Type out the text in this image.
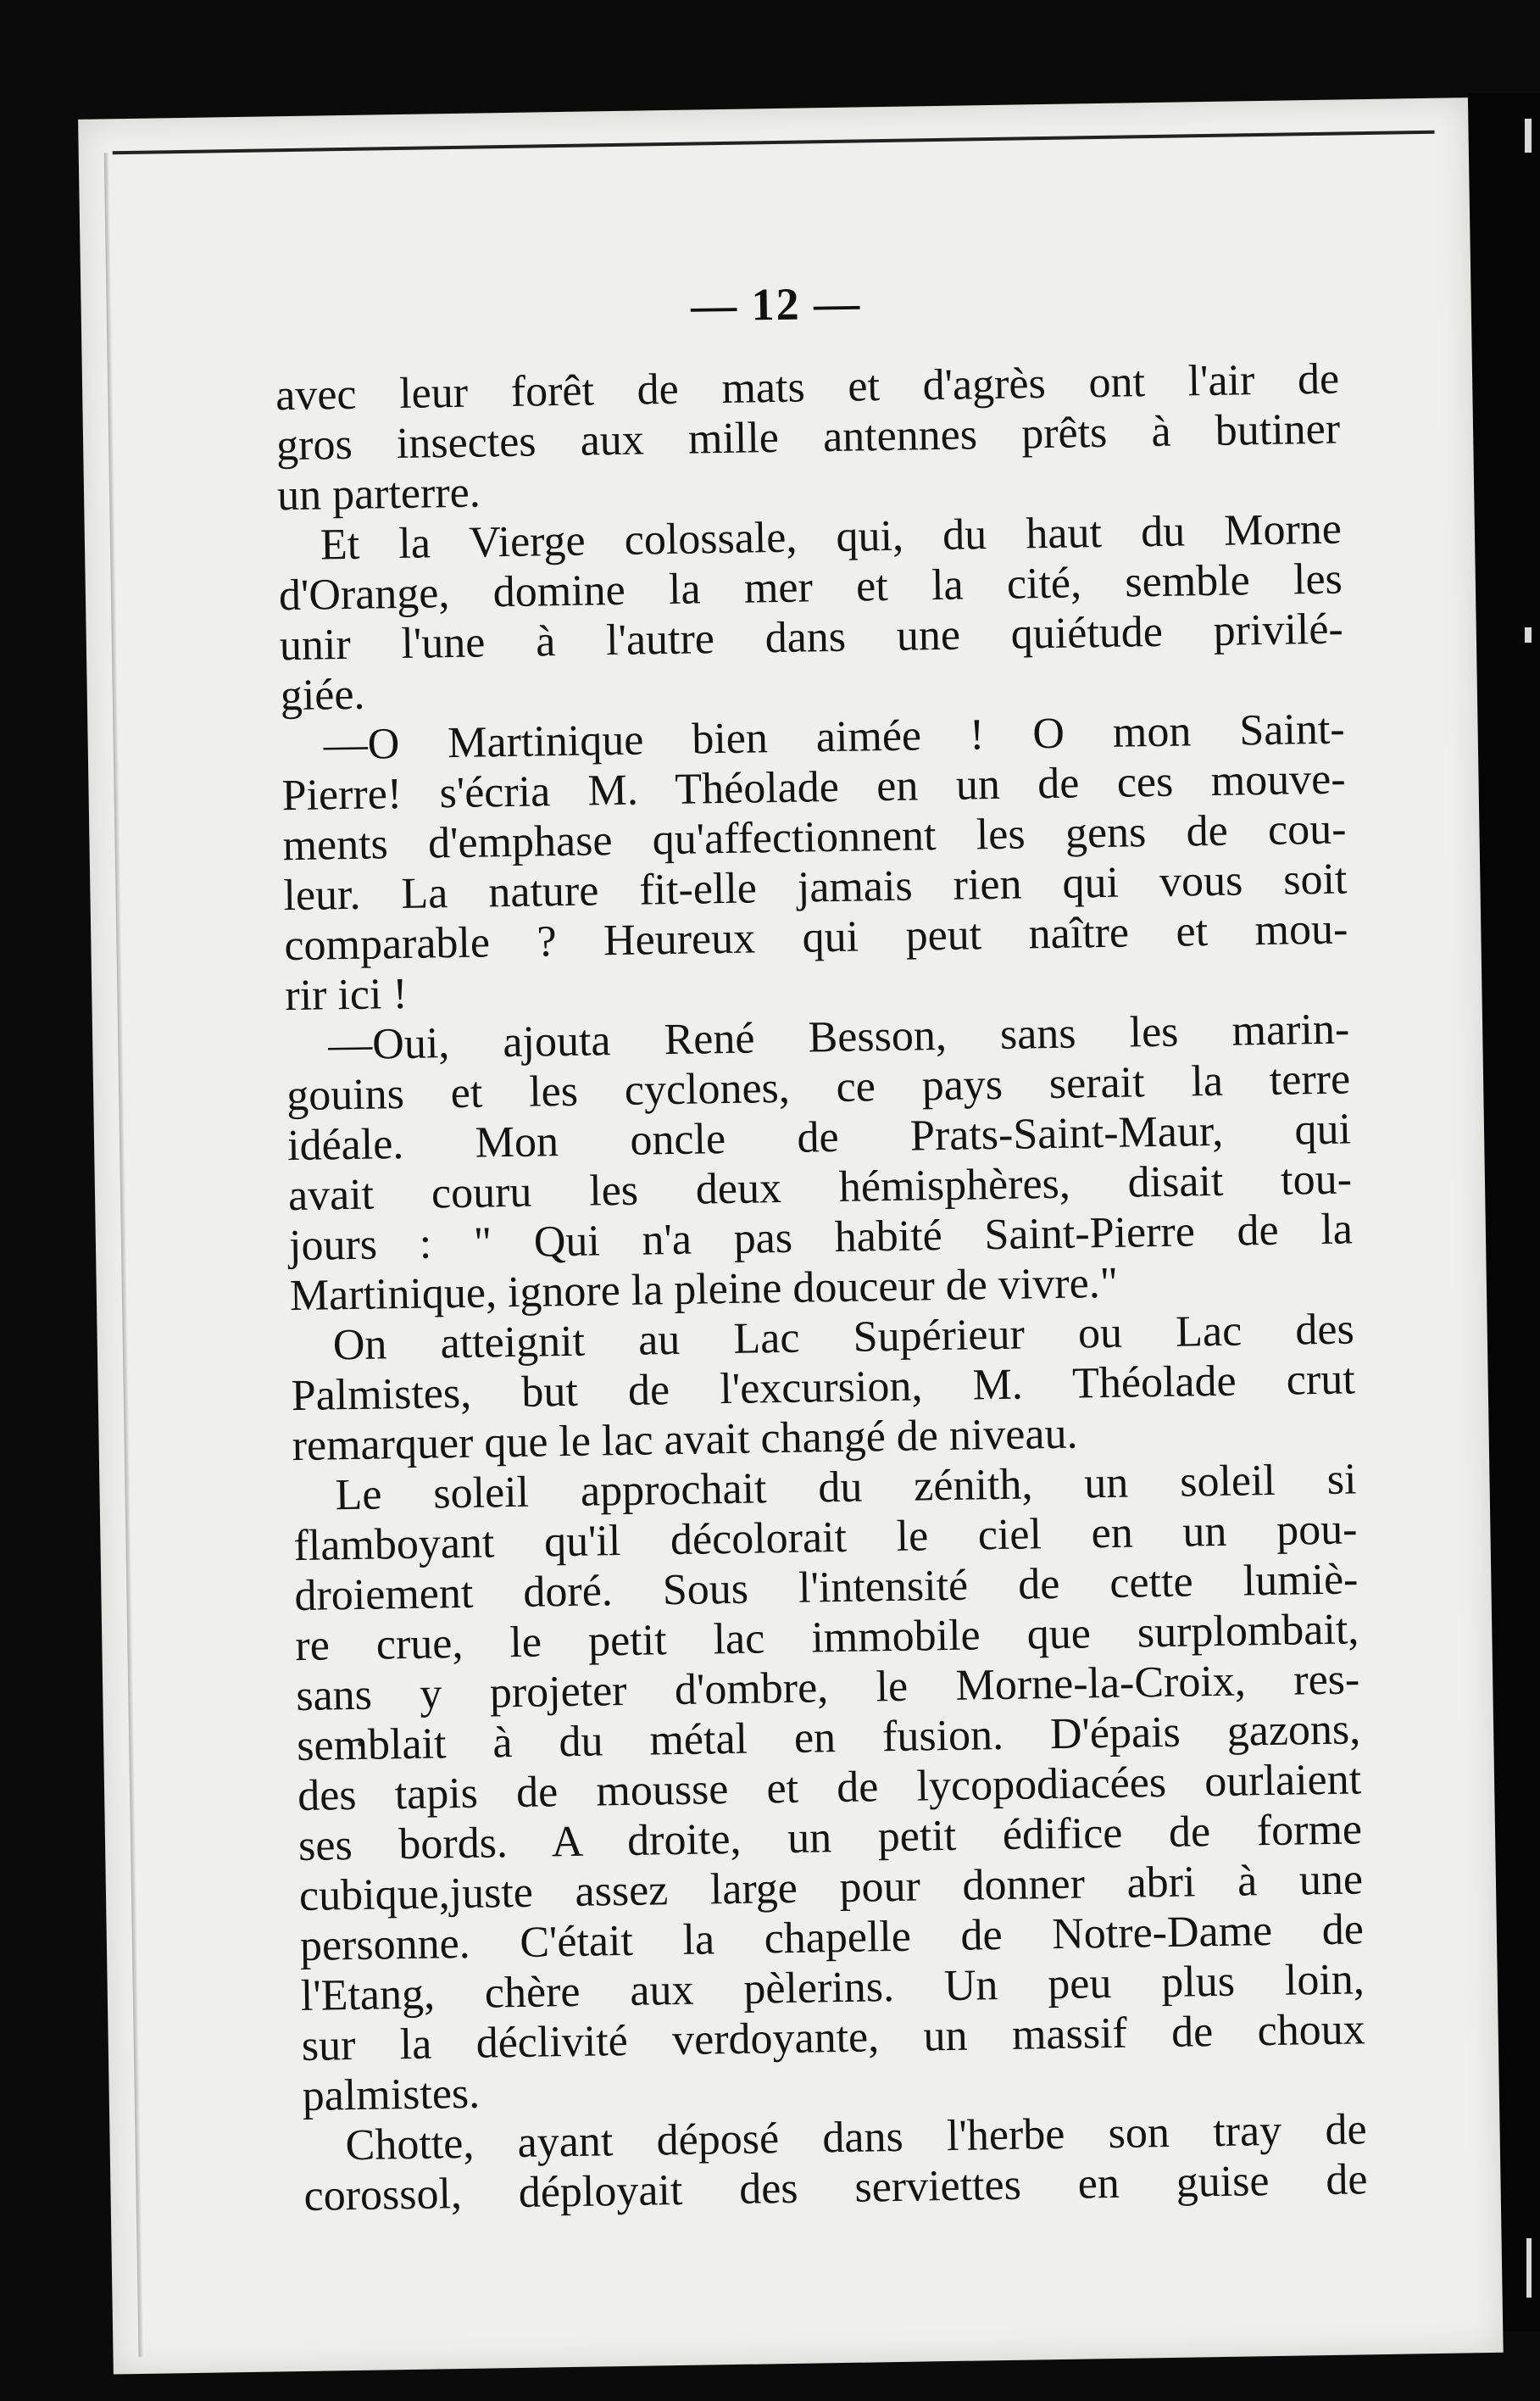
— 12 —
avec leur forêt de mats et d'agrès ont l'air de
gros insectes aux mille antennes prêts à butiner
un parterre.
Et la Vierge colossale, qui, du haut du Morne
d'Orange, domine la mer et la cité, semble les
unir l'une à l'autre dans une quiétude privilé-
giée.
—O Martinique bien aimée ! O mon Saint-
Pierre! s'écria M. Théolade en un de ces mouve-
ments d'emphase qu'affectionnent les gens de cou-
leur. La nature fit-elle jamais rien qui vous soit
comparable ? Heureux qui peut naître et mou-
rir ici !
—Oui, ajouta René Besson, sans les marin-
gouins et les cyclones, ce pays serait la terre
idéale. Mon oncle de Prats-Saint-Maur, qui
avait couru les deux hémisphères, disait tou-
jours : " Qui n'a pas habité Saint-Pierre de la
Martinique, ignore la pleine douceur de vivre."
On atteignit au Lac Supérieur ou Lac des
Palmistes, but de l'excursion, M. Théolade crut
remarquer que le lac avait changé de niveau.
Le soleil approchait du zénith, un soleil si
flamboyant qu'il décolorait le ciel en un pou-
droiement doré. Sous l'intensité de cette lumiè-
re crue, le petit lac immobile que surplombait,
sans y projeter d'ombre, le Morne-la-Croix, res-
semblait à du métal en fusion. D'épais gazons,
des tapis de mousse et de lycopodiacées ourlaient
ses bords. A droite, un petit édifice de forme
cubique,juste assez large pour donner abri à une
personne. C'était la chapelle de Notre-Dame de
l'Etang, chère aux pèlerins. Un peu plus loin,
sur la déclivité verdoyante, un massif de choux
palmistes.
Chotte, ayant déposé dans l'herbe son tray de
corossol, déployait des serviettes en guise de
